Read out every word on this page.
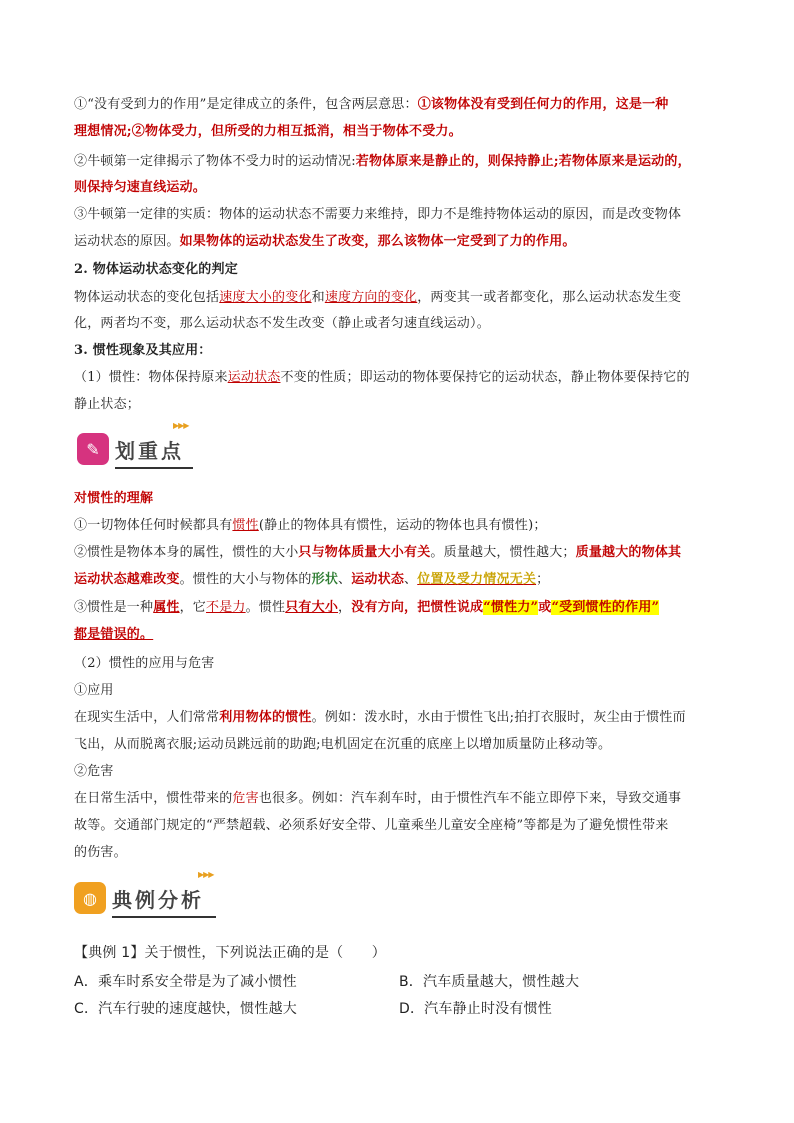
①“没有受到力的作用”是定律成立的条件，包含两层意思：①该物体没有受到任何力的作用，这是一种
理想情况;②物体受力，但所受的力相互抵消，相当于物体不受力。
②牛顿第一定律揭示了物体不受力时的运动情况:若物体原来是静止的，则保持静止;若物体原来是运动的，
则保持匀速直线运动。
③牛顿第一定律的实质：物体的运动状态不需要力来维持，即力不是维持物体运动的原因，而是改变物体
运动状态的原因。如果物体的运动状态发生了改变，那么该物体一定受到了力的作用。
2. 物体运动状态变化的判定
物体运动状态的变化包括速度大小的变化和速度方向的变化，两变其一或者都变化，那么运动状态发生变
化，两者均不变，那么运动状态不发生改变（静止或者匀速直线运动）。
3. 惯性现象及其应用：
（1）惯性：物体保持原来运动状态不变的性质；即运动的物体要保持它的运动状态，静止物体要保持它的
静止状态；
✎ 划重点
▶▶▶
对惯性的理解
①一切物体任何时候都具有惯性(静止的物体具有惯性，运动的物体也具有惯性)；
②惯性是物体本身的属性，惯性的大小只与物体质量大小有关。质量越大，惯性越大；质量越大的物体其
运动状态越难改变。惯性的大小与物体的形状、运动状态、位置及受力情况无关；
③惯性是一种属性，它不是力。惯性只有大小，没有方向，把惯性说成“惯性力”或“受到惯性的作用”
都是错误的。
（2）惯性的应用与危害
①应用
在现实生活中，人们常常利用物体的惯性。例如：泼水时，水由于惯性飞出;拍打衣服时，灰尘由于惯性而
飞出，从而脱离衣服;运动员跳远前的助跑;电机固定在沉重的底座上以增加质量防止移动等。
②危害
在日常生活中，惯性带来的危害也很多。例如：汽车刹车时，由于惯性汽车不能立即停下来，导致交通事
故等。交通部门规定的“严禁超载、必须系好安全带、儿童乘坐儿童安全座椅”等都是为了避免惯性带来
的伤害。
◍ 典例分析
▶▶▶
【典例 1】关于惯性，下列说法正确的是（　　）
A．乘车时系安全带是为了减小惯性	B．汽车质量越大，惯性越大
C．汽车行驶的速度越快，惯性越大	D．汽车静止时没有惯性
